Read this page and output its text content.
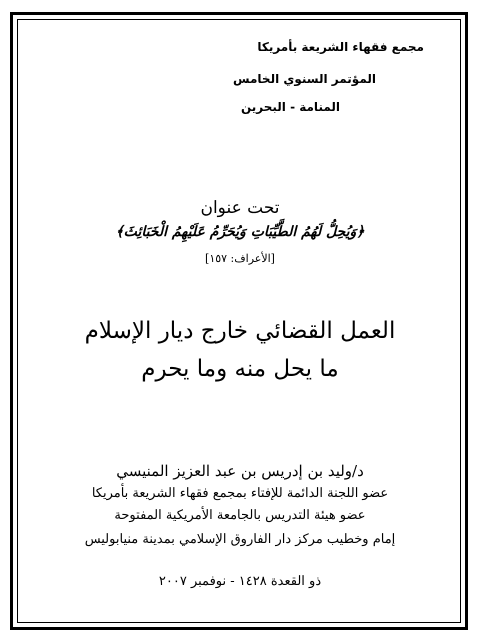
مجمع فقهاء الشريعة بأمريكا
المؤتمر السنوي الخامس
المنامة - البحرين
تحت عنوان
﴿وَيُحِلُّ لَهُمُ الطَّيِّبَاتِ وَيُحَرِّمُ عَلَيْهِمُ الْخَبَائِثَ﴾
[الأعراف: ١٥٧]
العمل القضائي خارج ديار الإسلام
ما يحل منه وما يحرم
د/وليد بن إدريس بن عبد العزيز المنيسي
عضو اللجنة الدائمة للإفتاء بمجمع فقهاء الشريعة بأمريكا
عضو هيئة التدريس بالجامعة الأمريكية المفتوحة
إمام وخطيب مركز دار الفاروق الإسلامي بمدينة منيابوليس
ذو القعدة ١٤٢٨ - نوفمبر ٢٠٠٧
